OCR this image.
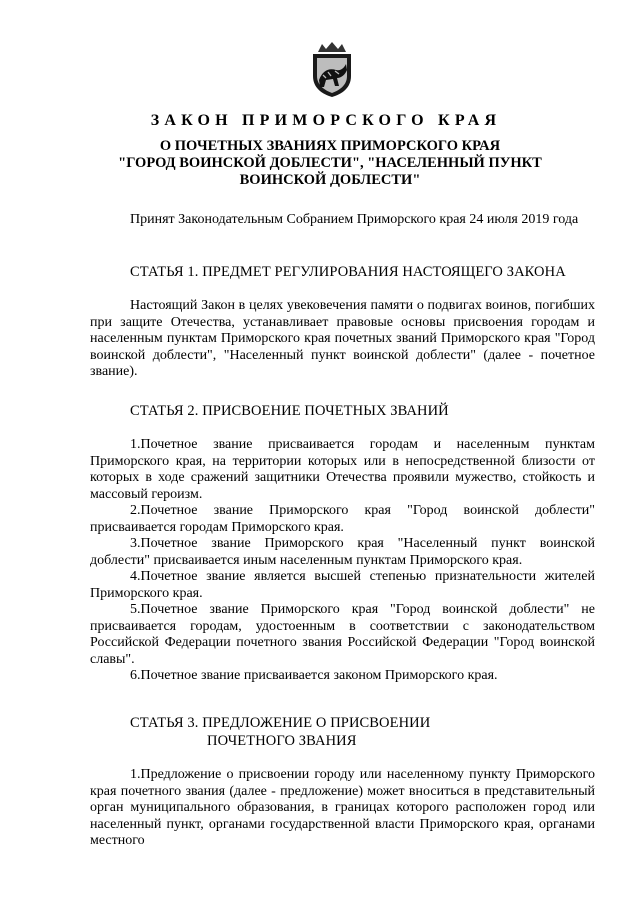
ЗАКОН ПРИМОРСКОГО КРАЯ
О ПОЧЕТНЫХ ЗВАНИЯХ ПРИМОРСКОГО КРАЯ
"ГОРОД ВОИНСКОЙ ДОБЛЕСТИ", "НАСЕЛЕННЫЙ ПУНКТ
ВОИНСКОЙ ДОБЛЕСТИ"

Принят Законодательным Собранием Приморского края 24 июля 2019 года

СТАТЬЯ 1. ПРЕДМЕТ РЕГУЛИРОВАНИЯ НАСТОЯЩЕГО ЗАКОНА

Настоящий Закон в целях увековечения памяти о подвигах воинов, погибших при защите Отечества, устанавливает правовые основы присвоения городам и населенным пунктам Приморского края почетных званий Приморского края "Город воинской доблести", "Населенный пункт воинской доблести" (далее - почетное звание).

СТАТЬЯ 2. ПРИСВОЕНИЕ ПОЧЕТНЫХ ЗВАНИЙ

1.Почетное звание присваивается городам и населенным пунктам Приморского края, на территории которых или в непосредственной близости от которых в ходе сражений защитники Отечества проявили мужество, стойкость и массовый героизм.

2.Почетное звание Приморского края "Город воинской доблести" присваивается городам Приморского края.

3.Почетное звание Приморского края "Населенный пункт воинской доблести" присваивается иным населенным пунктам Приморского края.

4.Почетное звание является высшей степенью признательности жителей Приморского края.

5.Почетное звание Приморского края "Город воинской доблести" не присваивается городам, удостоенным в соответствии с законодательством Российской Федерации почетного звания Российской Федерации "Город воинской славы".

6.Почетное звание присваивается законом Приморского края.

СТАТЬЯ 3. ПРЕДЛОЖЕНИЕ О ПРИСВОЕНИИ
ПОЧЕТНОГО ЗВАНИЯ

1.Предложение о присвоении городу или населенному пункту Приморского края почетного звания (далее - предложение) может вноситься в представительный орган муниципального образования, в границах которого расположен город или населенный пункт, органами государственной власти Приморского края, органами местного
